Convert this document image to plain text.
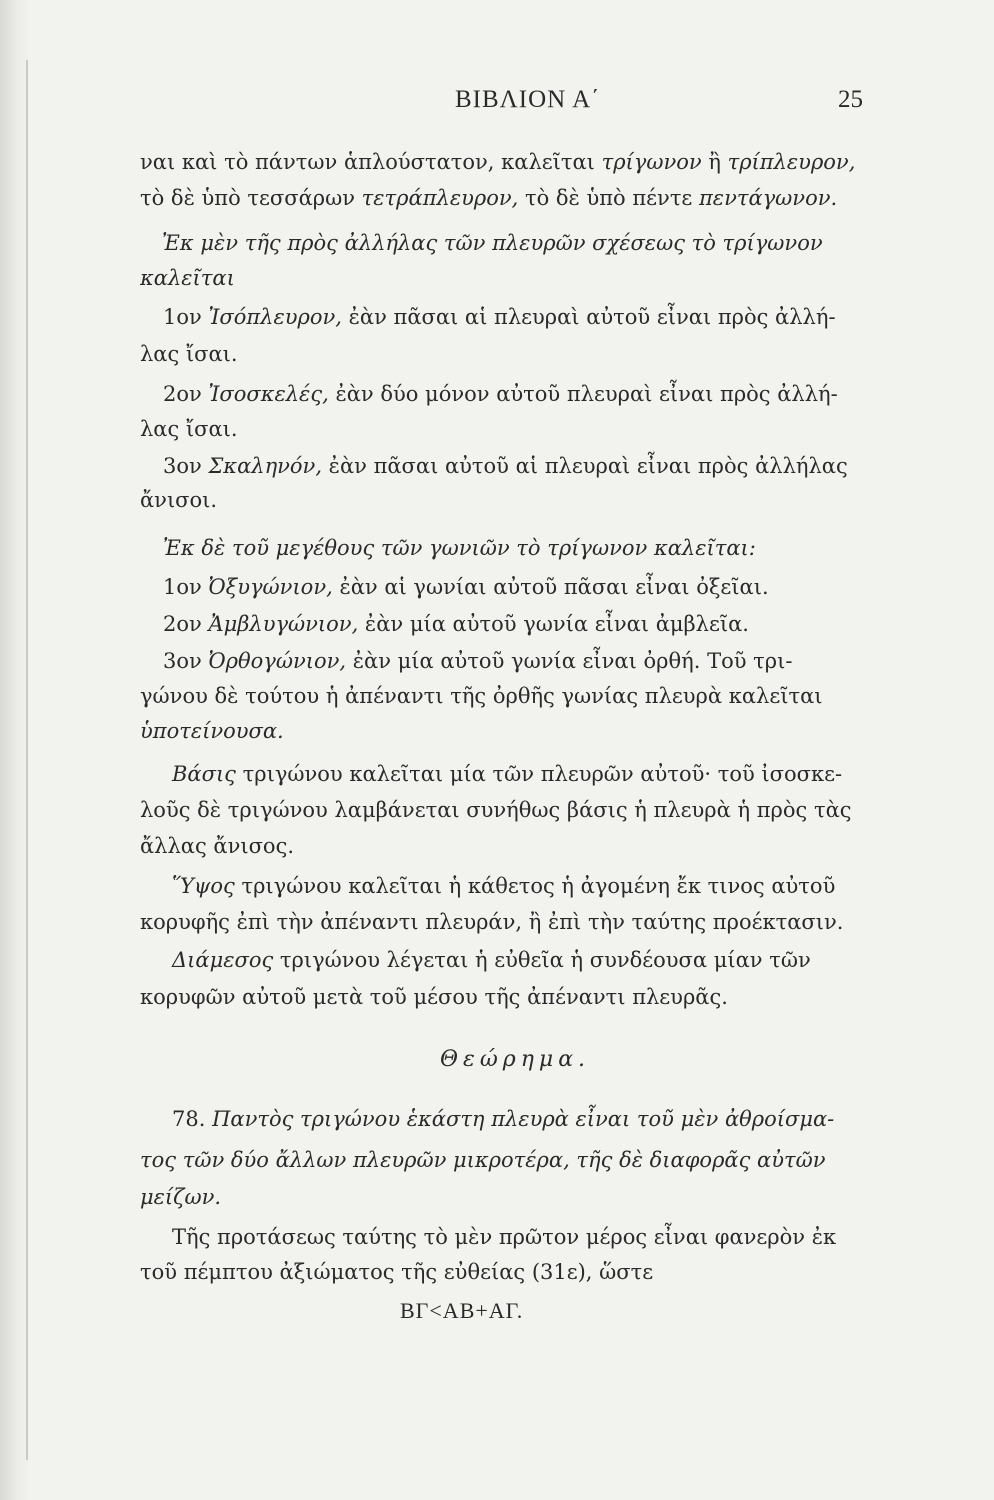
ΒΙΒΛΙΟΝ Α΄	25
ναι καὶ τὸ πάντων ἁπλούστατον, καλεῖται τρίγωνον ἢ τρίπλευρον,
τὸ δὲ ὑπὸ τεσσάρων τετράπλευρον, τὸ δὲ ὑπὸ πέντε πεντάγωνον.
Ἐκ μὲν τῆς πρὸς ἀλλήλας τῶν πλευρῶν σχέσεως τὸ τρίγωνον
καλεῖται
1ον Ἰσόπλευρον, ἐὰν πᾶσαι αἱ πλευραὶ αὐτοῦ εἶναι πρὸς ἀλλή-
λας ἴσαι.
2ον Ἰσοσκελές, ἐὰν δύο μόνον αὐτοῦ πλευραὶ εἶναι πρὸς ἀλλή-
λας ἴσαι.
3ον Σκαληνόν, ἐὰν πᾶσαι αὐτοῦ αἱ πλευραὶ εἶναι πρὸς ἀλλήλας
ἄνισοι.
Ἐκ δὲ τοῦ μεγέθους τῶν γωνιῶν τὸ τρίγωνον καλεῖται:
1ον Ὀξυγώνιον, ἐὰν αἱ γωνίαι αὐτοῦ πᾶσαι εἶναι ὀξεῖαι.
2ον Ἀμβλυγώνιον, ἐὰν μία αὐτοῦ γωνία εἶναι ἀμβλεῖα.
3ον Ὀρθογώνιον, ἐὰν μία αὐτοῦ γωνία εἶναι ὀρθή. Τοῦ τρι-
γώνου δὲ τούτου ἡ ἀπέναντι τῆς ὀρθῆς γωνίας πλευρὰ καλεῖται
ὑποτείνουσα.
Βάσις τριγώνου καλεῖται μία τῶν πλευρῶν αὐτοῦ· τοῦ ἰσοσκε-
λοῦς δὲ τριγώνου λαμβάνεται συνήθως βάσις ἡ πλευρὰ ἡ πρὸς τὰς
ἄλλας ἄνισος.
Ὕψος τριγώνου καλεῖται ἡ κάθετος ἡ ἀγομένη ἔκ τινος αὐτοῦ
κορυφῆς ἐπὶ τὴν ἀπέναντι πλευράν, ἢ ἐπὶ τὴν ταύτης προέκτασιν.
Διάμεσος τριγώνου λέγεται ἡ εὐθεῖα ἡ συνδέουσα μίαν τῶν
κορυφῶν αὐτοῦ μετὰ τοῦ μέσου τῆς ἀπέναντι πλευρᾶς.
Θεώρημα.
78. Παντὸς τριγώνου ἑκάστη πλευρὰ εἶναι τοῦ μὲν ἀθροίσμα-
τος τῶν δύο ἄλλων πλευρῶν μικροτέρα, τῆς δὲ διαφορᾶς αὐτῶν
μείζων.
Τῆς προτάσεως ταύτης τὸ μὲν πρῶτον μέρος εἶναι φανερὸν ἐκ
τοῦ πέμπτου ἀξιώματος τῆς εὐθείας (31ε), ὥστε
ΒΓ<ΑΒ+ΑΓ.
